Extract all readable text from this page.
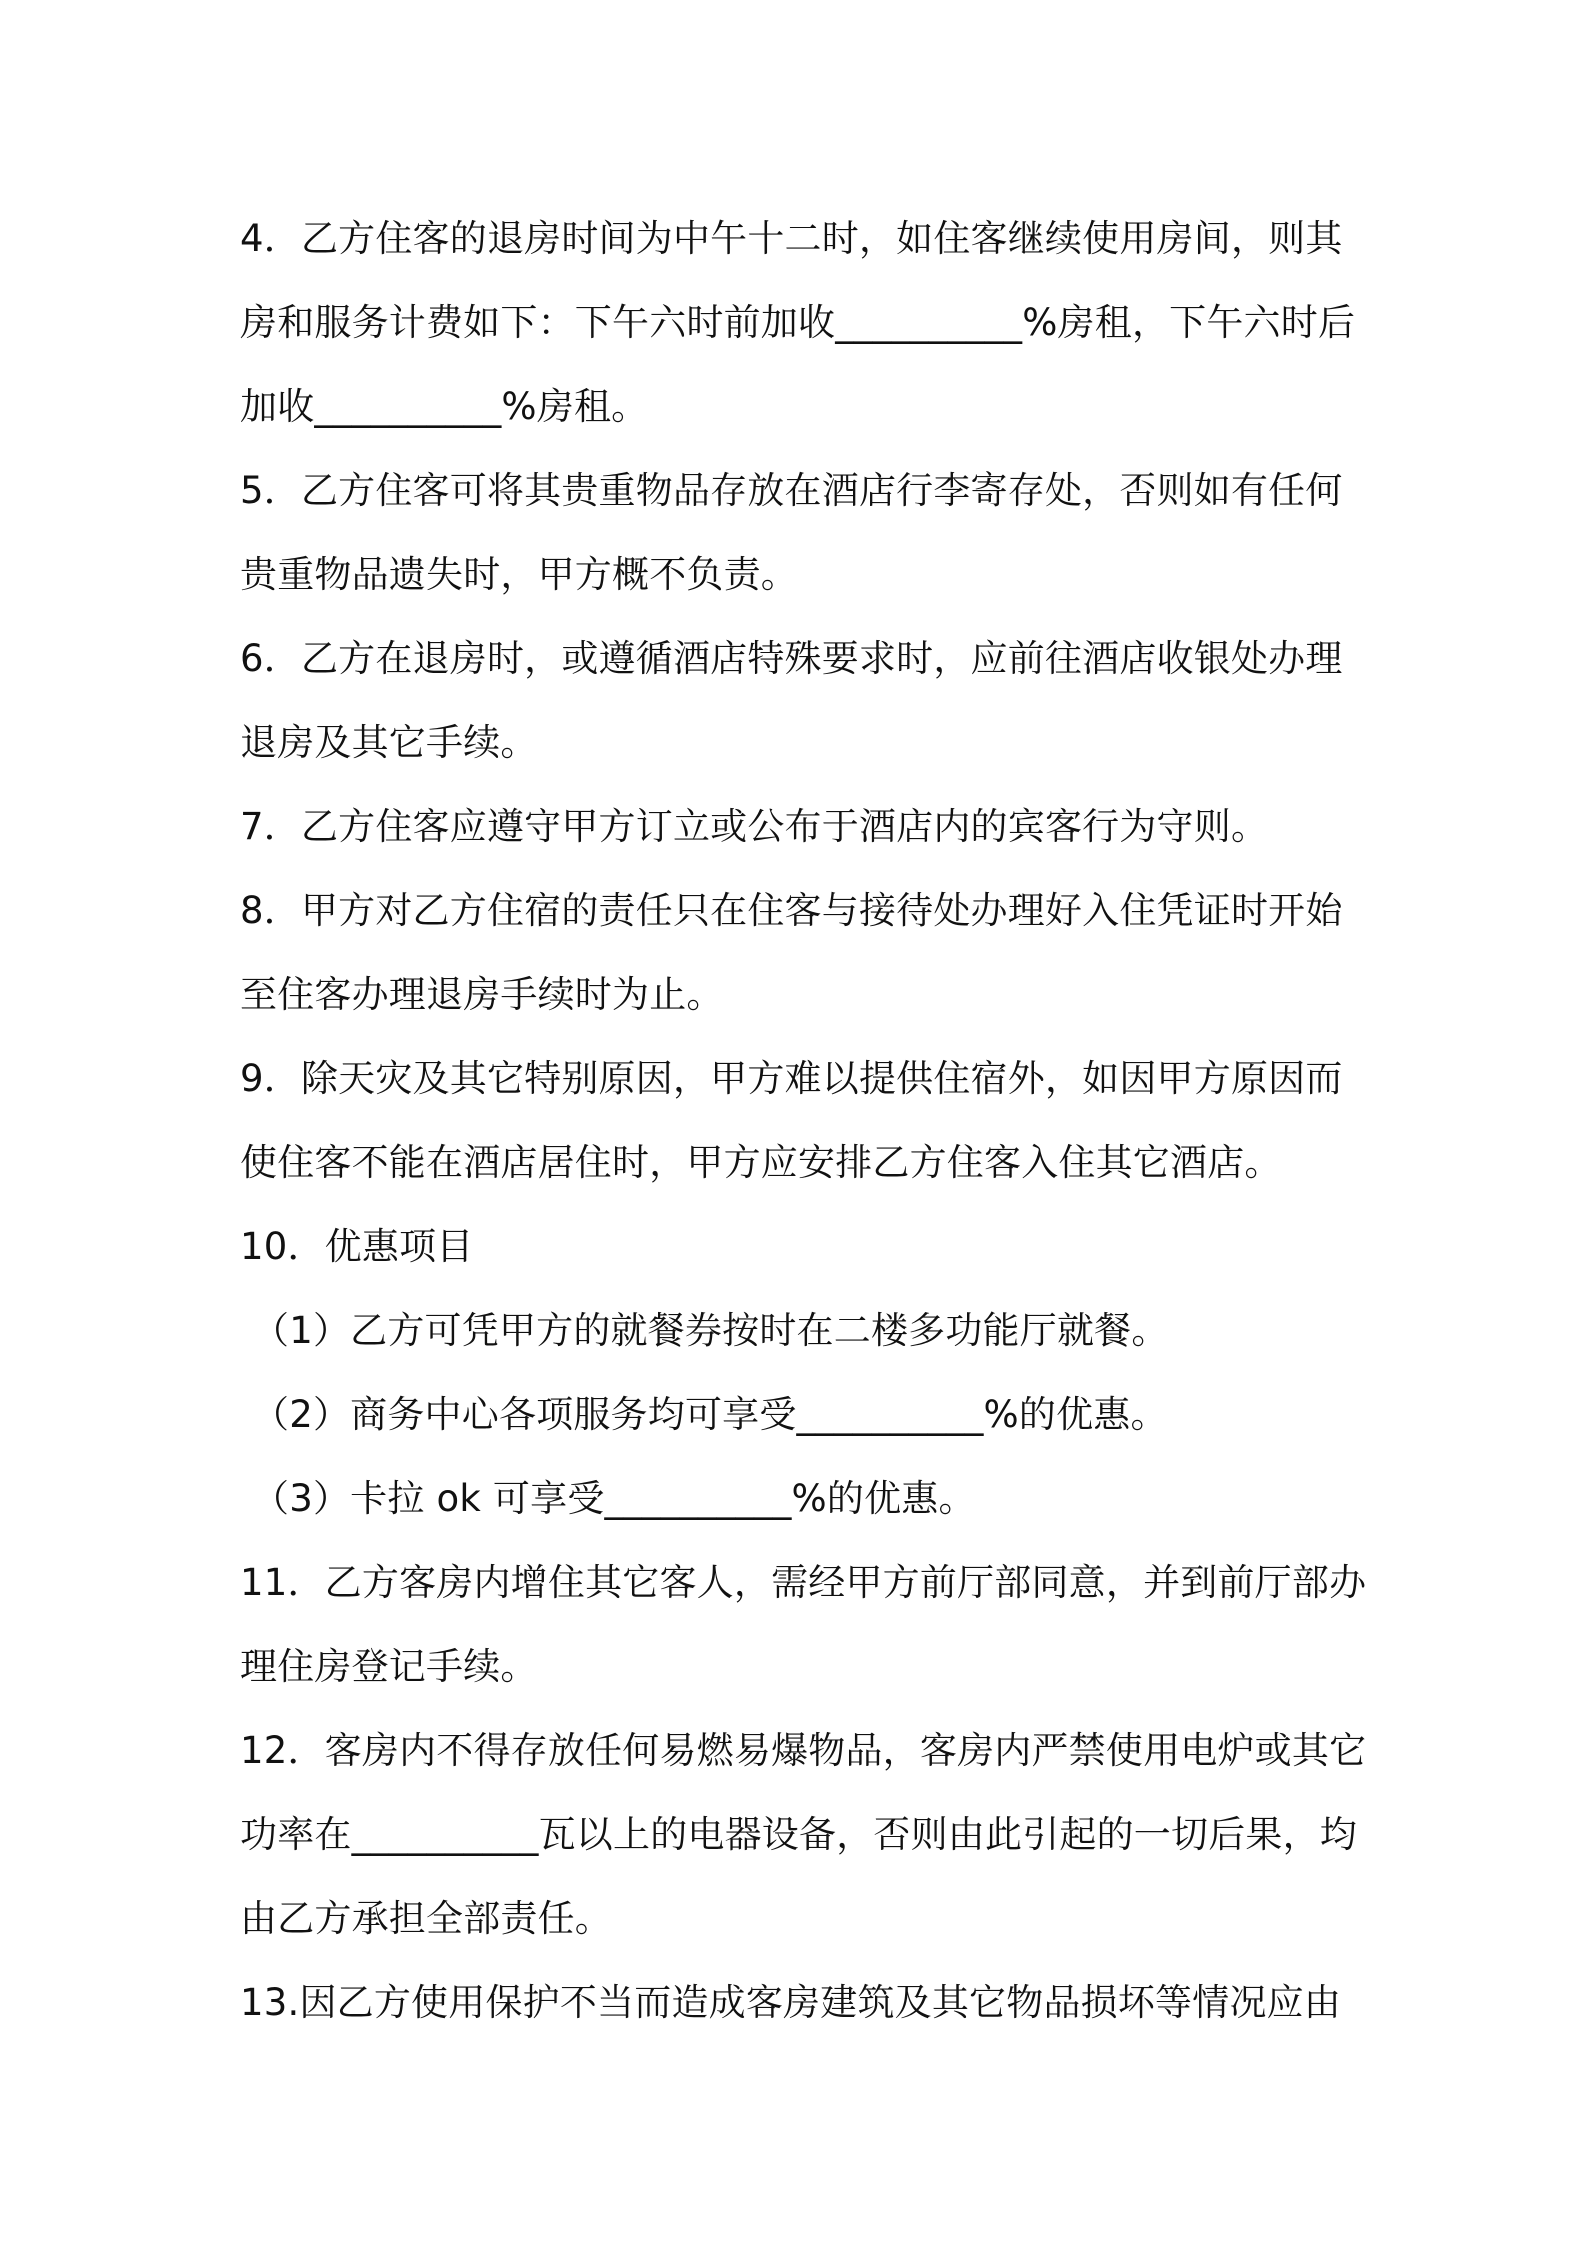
4．乙方住客的退房时间为中午十二时，如住客继续使用房间，则其
房和服务计费如下：下午六时前加收__________%房租，下午六时后
加收__________%房租。
5．乙方住客可将其贵重物品存放在酒店行李寄存处，否则如有任何
贵重物品遗失时，甲方概不负责。
6．乙方在退房时，或遵循酒店特殊要求时，应前往酒店收银处办理
退房及其它手续。
7．乙方住客应遵守甲方订立或公布于酒店内的宾客行为守则。
8．甲方对乙方住宿的责任只在住客与接待处办理好入住凭证时开始
至住客办理退房手续时为止。
9．除天灾及其它特别原因，甲方难以提供住宿外，如因甲方原因而
使住客不能在酒店居住时，甲方应安排乙方住客入住其它酒店。
10．优惠项目
（1）乙方可凭甲方的就餐券按时在二楼多功能厅就餐。
（2）商务中心各项服务均可享受__________%的优惠。
（3）卡拉 ok 可享受__________%的优惠。
11．乙方客房内增住其它客人，需经甲方前厅部同意，并到前厅部办
理住房登记手续。
12．客房内不得存放任何易燃易爆物品，客房内严禁使用电炉或其它
功率在__________瓦以上的电器设备，否则由此引起的一切后果，均
由乙方承担全部责任。
13.因乙方使用保护不当而造成客房建筑及其它物品损坏等情况应由
